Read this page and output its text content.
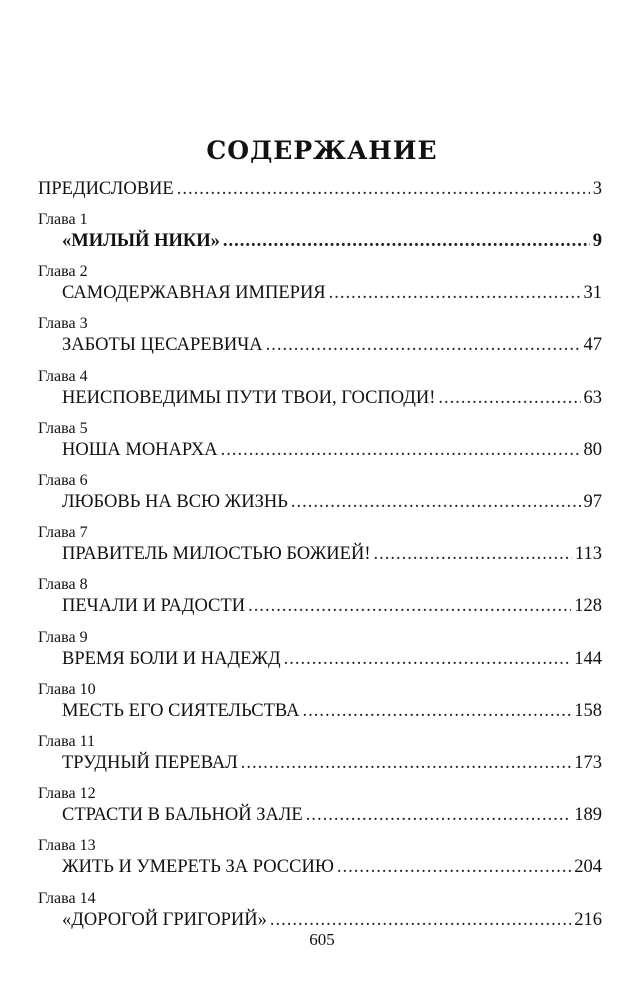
СОДЕРЖАНИЕ
ПРЕДИСЛОВИЕ .....	3
Глава 1
«МИЛЫЙ НИКИ» .....	9
Глава 2
САМОДЕРЖАВНАЯ ИМПЕРИЯ .....	31
Глава 3
ЗАБОТЫ ЦЕСАРЕВИЧА .....	47
Глава 4
НЕИСПОВЕДИМЫ ПУТИ ТВОИ, ГОСПОДИ! .....	63
Глава 5
НОША МОНАРХА .....	80
Глава 6
ЛЮБОВЬ НА ВСЮ ЖИЗНЬ .....	97
Глава 7
ПРАВИТЕЛЬ МИЛОСТЬЮ БОЖИЕЙ! .....	113
Глава 8
ПЕЧАЛИ И РАДОСТИ .....	128
Глава 9
ВРЕМЯ БОЛИ И НАДЕЖД .....	144
Глава 10
МЕСТЬ ЕГО СИЯТЕЛЬСТВА .....	158
Глава 11
ТРУДНЫЙ ПЕРЕВАЛ .....	173
Глава 12
СТРАСТИ В БАЛЬНОЙ ЗАЛЕ .....	189
Глава 13
ЖИТЬ И УМЕРЕТЬ ЗА РОССИЮ .....	204
Глава 14
«ДОРОГОЙ ГРИГОРИЙ» .....	216
605
